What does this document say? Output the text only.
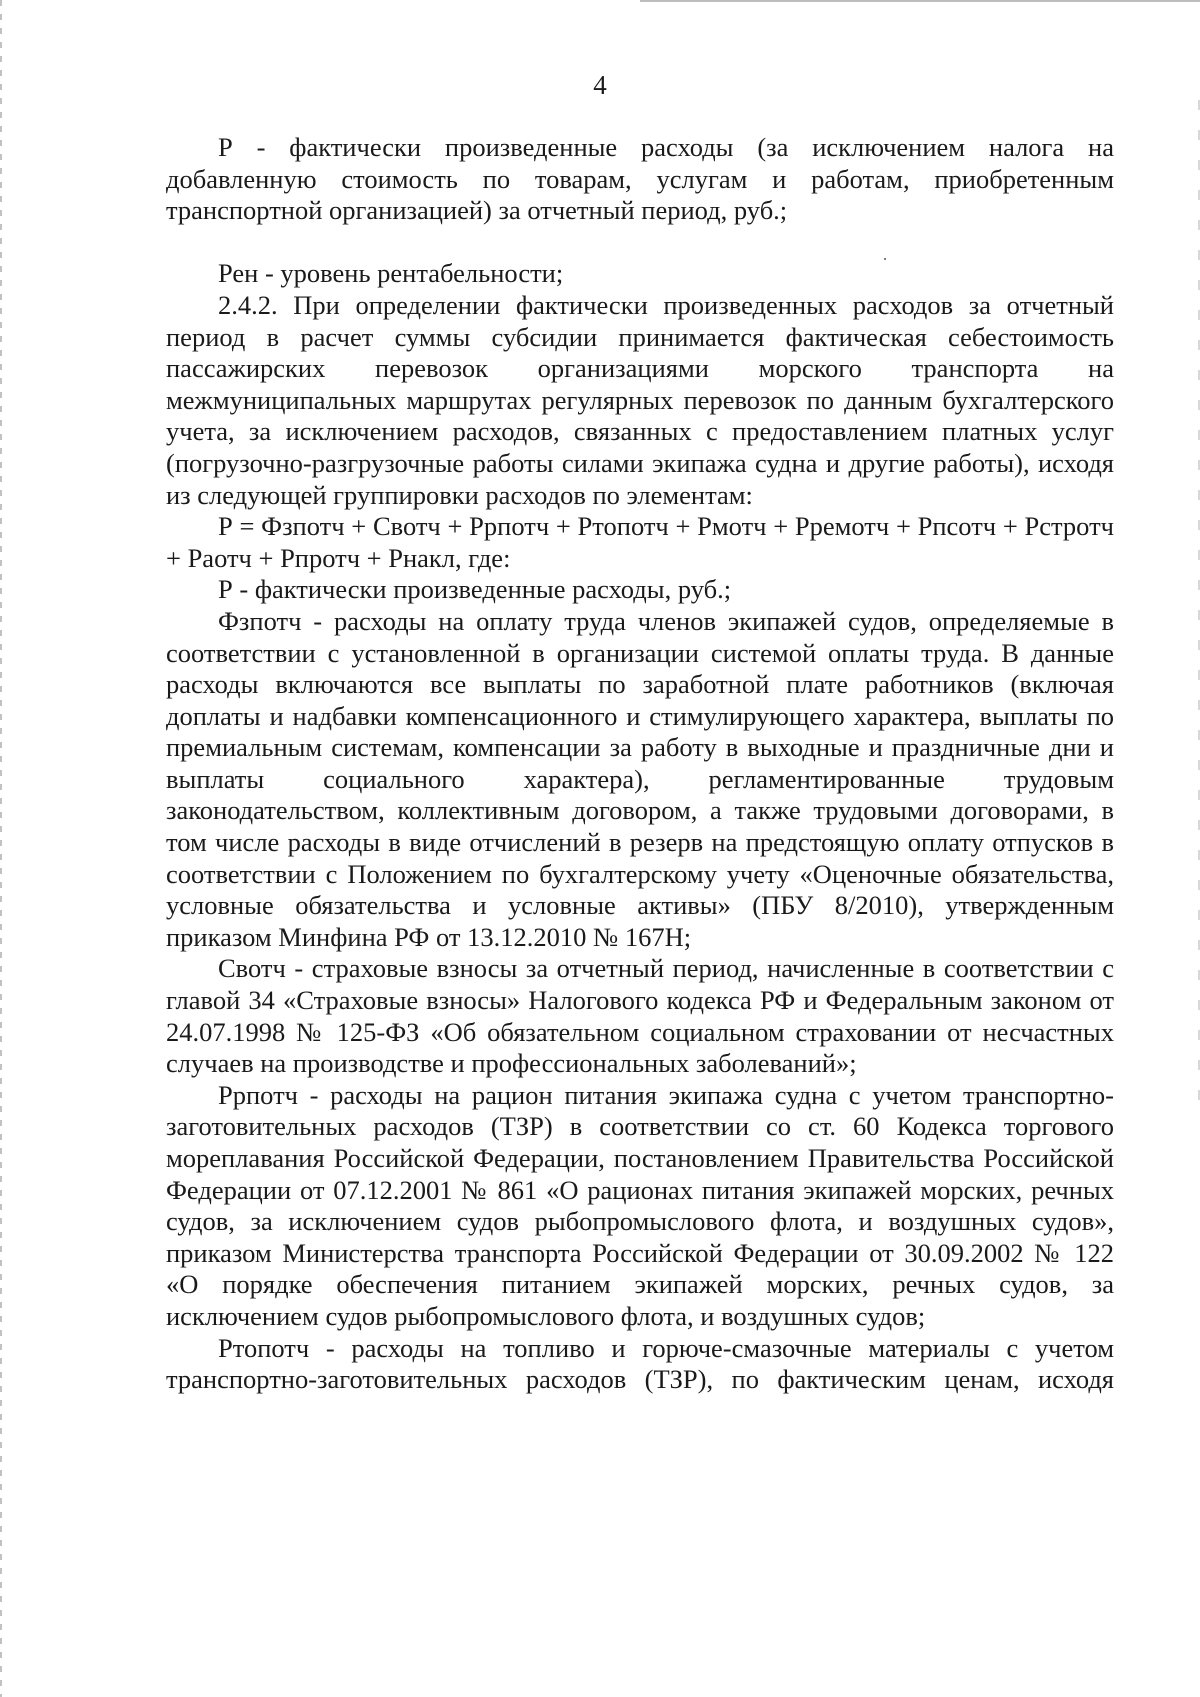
4

Р - фактически произведенные расходы (за исключением налога на добавленную стоимость по товарам, услугам и работам, приобретенным транспортной организацией) за отчетный период, руб.;

Рен - уровень рентабельности;

2.4.2. При определении фактически произведенных расходов за отчетный период в расчет суммы субсидии принимается фактическая себестоимость пассажирских перевозок организациями морского транспорта на межмуниципальных маршрутах регулярных перевозок по данным бухгалтерского учета, за исключением расходов, связанных с предоставлением платных услуг (погрузочно-разгрузочные работы силами экипажа судна и другие работы), исходя из следующей группировки расходов по элементам:

Р = Фзпотч + Свотч + Ррпотч + Ртопотч + Рмотч + Рремотч + Рпсотч + Рстротч + Раотч + Рпротч + Рнакл, где:

Р - фактически произведенные расходы, руб.;

Фзпотч - расходы на оплату труда членов экипажей судов, определяемые в соответствии с установленной в организации системой оплаты труда. В данные расходы включаются все выплаты по заработной плате работников (включая доплаты и надбавки компенсационного и стимулирующего характера, выплаты по премиальным системам, компенсации за работу в выходные и праздничные дни и выплаты социального характера), регламентированные трудовым законодательством, коллективным договором, а также трудовыми договорами, в том числе расходы в виде отчислений в резерв на предстоящую оплату отпусков в соответствии с Положением по бухгалтерскому учету «Оценочные обязательства, условные обязательства и условные активы» (ПБУ 8/2010), утвержденным приказом Минфина РФ от 13.12.2010 № 167Н;

Свотч - страховые взносы за отчетный период, начисленные в соответствии с главой 34 «Страховые взносы» Налогового кодекса РФ и Федеральным законом от 24.07.1998 № 125-ФЗ «Об обязательном социальном страховании от несчастных случаев на производстве и профессиональных заболеваний»;

Ррпотч - расходы на рацион питания экипажа судна с учетом транспортно-заготовительных расходов (ТЗР) в соответствии со ст. 60 Кодекса торгового мореплавания Российской Федерации, постановлением Правительства Российской Федерации от 07.12.2001 № 861 «О рационах питания экипажей морских, речных судов, за исключением судов рыбопромыслового флота, и воздушных судов», приказом Министерства транспорта Российской Федерации от 30.09.2002 № 122 «О порядке обеспечения питанием экипажей морских, речных судов, за исключением судов рыбопромыслового флота, и воздушных судов;

Ртопотч - расходы на топливо и горюче-смазочные материалы с учетом транспортно-заготовительных расходов (ТЗР), по фактическим ценам, исходя
